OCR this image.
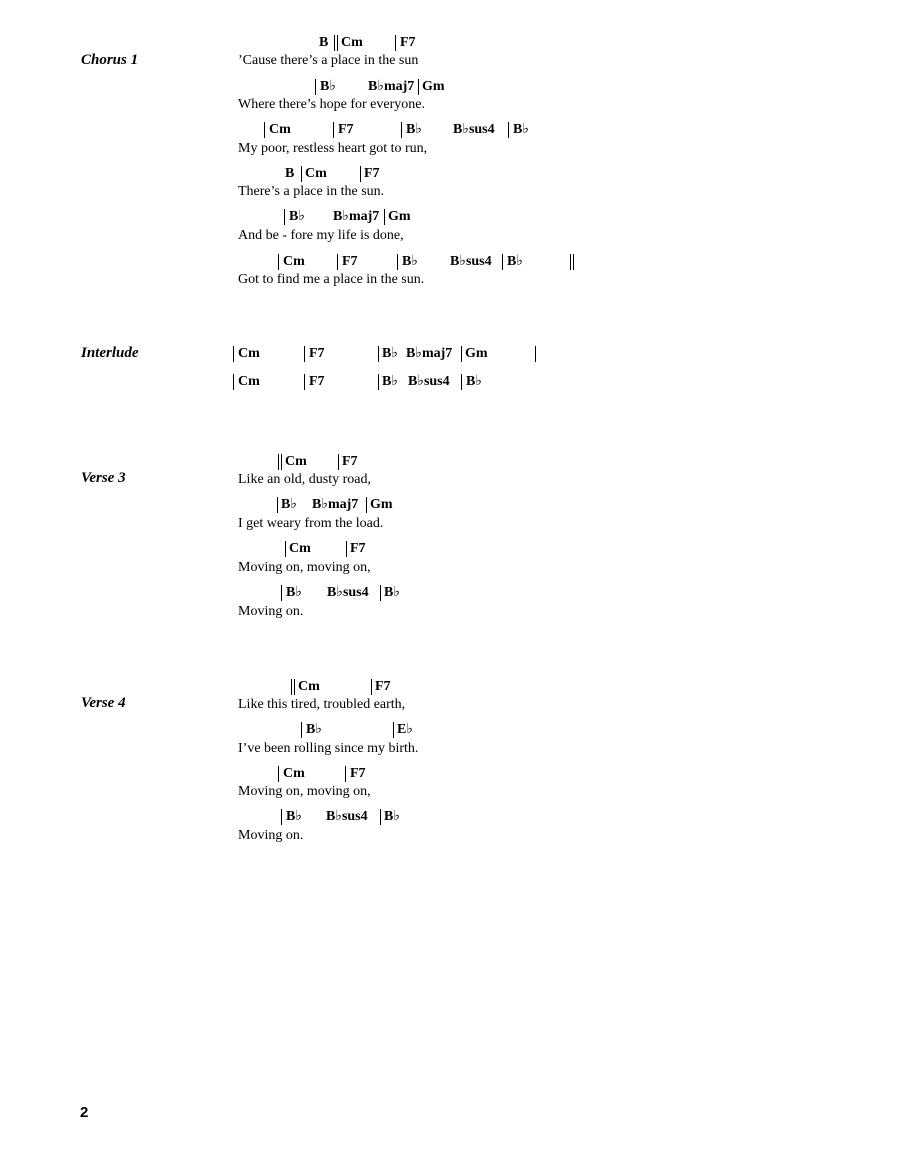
Chorus 1
B Cm	F7
’Cause there’s a place in the sun
B♭ B♭maj7 Gm
Where there’s hope for everyone.
Cm	F7	B♭ B♭sus4 B♭
My poor, restless heart got to run,
B Cm	F7
There’s a place in the sun.
B♭ B♭maj7 Gm
And be - fore my life is done,
Cm	F7	B♭ B♭sus4 B♭
Got to find me a place in the sun.
Interlude	Cm	F7	B♭ B♭maj7 Gm
Cm	F7	B♭ B♭sus4 B♭
Verse 3
Cm	F7
Like an old, dusty road,
B♭ B♭maj7 Gm
I get weary from the load.
Cm	F7
Moving on, moving on,
B♭ B♭sus4 B♭
Moving on.
Verse 4
Cm	F7
Like this tired, troubled earth,
B♭	E♭
I’ve been rolling since my birth.
Cm	F7
Moving on, moving on,
B♭ B♭sus4 B♭
Moving on.
2
